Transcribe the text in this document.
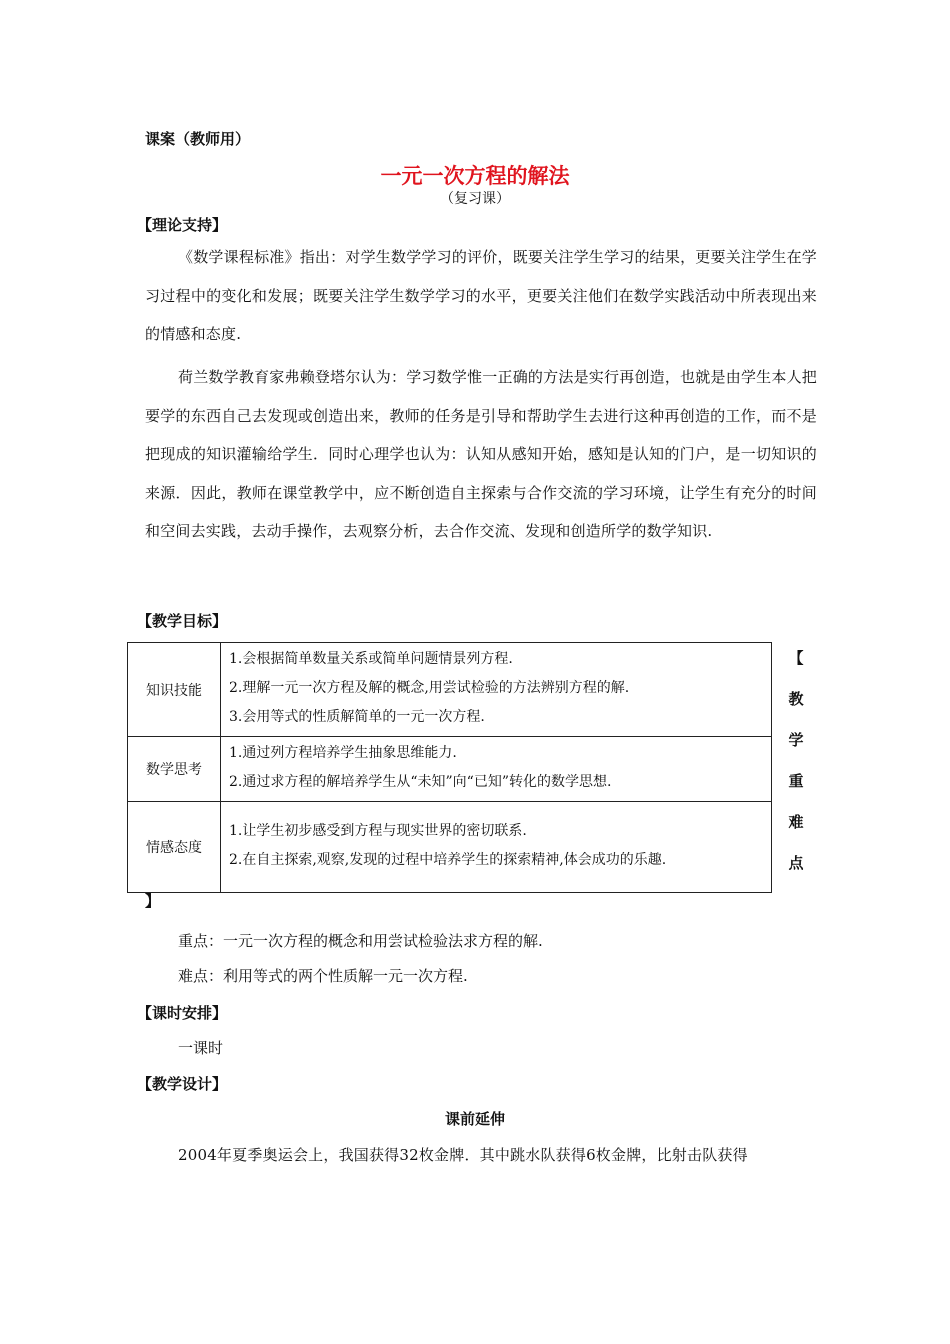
课案（教师用）
一元一次方程的解法
（复习课）
【理论支持】
《数学课程标准》指出：对学生数学学习的评价，既要关注学生学习的结果，更要关注学生在学习过程中的变化和发展；既要关注学生数学学习的水平，更要关注他们在数学实践活动中所表现出来的情感和态度.
荷兰数学教育家弗赖登塔尔认为：学习数学惟一正确的方法是实行再创造，也就是由学生本人把要学的东西自己去发现或创造出来，教师的任务是引导和帮助学生去进行这种再创造的工作，而不是把现成的知识灌输给学生．同时心理学也认为：认知从感知开始，感知是认知的门户，是一切知识的来源．因此，教师在课堂教学中，应不断创造自主探索与合作交流的学习环境，让学生有充分的时间和空间去实践，去动手操作，去观察分析，去合作交流、发现和创造所学的数学知识.
【教学目标】
知识技能	1.会根据简单数量关系或简单问题情景列方程.
2.理解一元一次方程及解的概念,用尝试检验的方法辨别方程的解.
3.会用等式的性质解简单的一元一次方程.

数学思考	1.通过列方程培养学生抽象思维能力.
2.通过求方程的解培养学生从“未知”向“已知”转化的数学思想.

情感态度	1.让学生初步感受到方程与现实世界的密切联系.
2.在自主探索,观察,发现的过程中培养学生的探索精神,体会成功的乐趣.
【
教
学
重
难
点
】
重点：一元一次方程的概念和用尝试检验法求方程的解.
难点：利用等式的两个性质解一元一次方程.
【课时安排】
一课时
【教学设计】
课前延伸
2004年夏季奥运会上，我国获得32枚金牌．其中跳水队获得6枚金牌，比射击队获得
